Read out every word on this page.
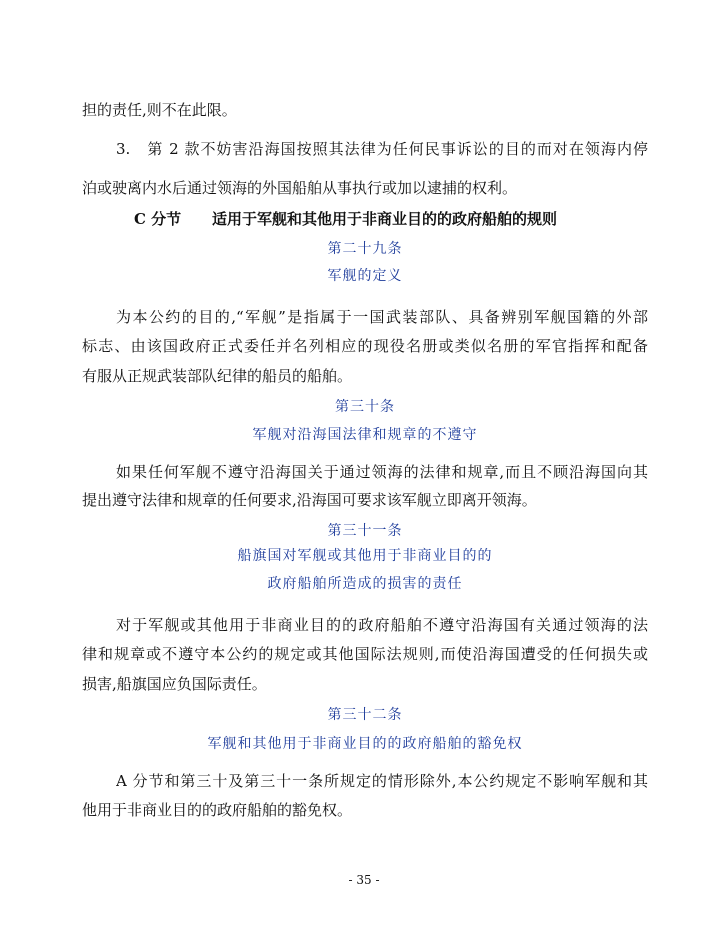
担的责任,则不在此限。
3.　第 2 款不妨害沿海国按照其法律为任何民事诉讼的目的而对在领海内停
泊或驶离内水后通过领海的外国船舶从事执行或加以逮捕的权利。
C 分节 适用于军舰和其他用于非商业目的的政府船舶的规则
第二十九条
军舰的定义
为本公约的目的,“军舰”是指属于一国武装部队、具备辨别军舰国籍的外部
标志、由该国政府正式委任并名列相应的现役名册或类似名册的军官指挥和配备
有服从正规武装部队纪律的船员的船舶。
第三十条
军舰对沿海国法律和规章的不遵守
如果任何军舰不遵守沿海国关于通过领海的法律和规章,而且不顾沿海国向其
提出遵守法律和规章的任何要求,沿海国可要求该军舰立即离开领海。
第三十一条
船旗国对军舰或其他用于非商业目的的
政府船舶所造成的损害的责任
对于军舰或其他用于非商业目的的政府船舶不遵守沿海国有关通过领海的法
律和规章或不遵守本公约的规定或其他国际法规则,而使沿海国遭受的任何损失或
损害,船旗国应负国际责任。
第三十二条
军舰和其他用于非商业目的的政府船舶的豁免权
A 分节和第三十及第三十一条所规定的情形除外,本公约规定不影响军舰和其
他用于非商业目的的政府船舶的豁免权。
- 35 -
